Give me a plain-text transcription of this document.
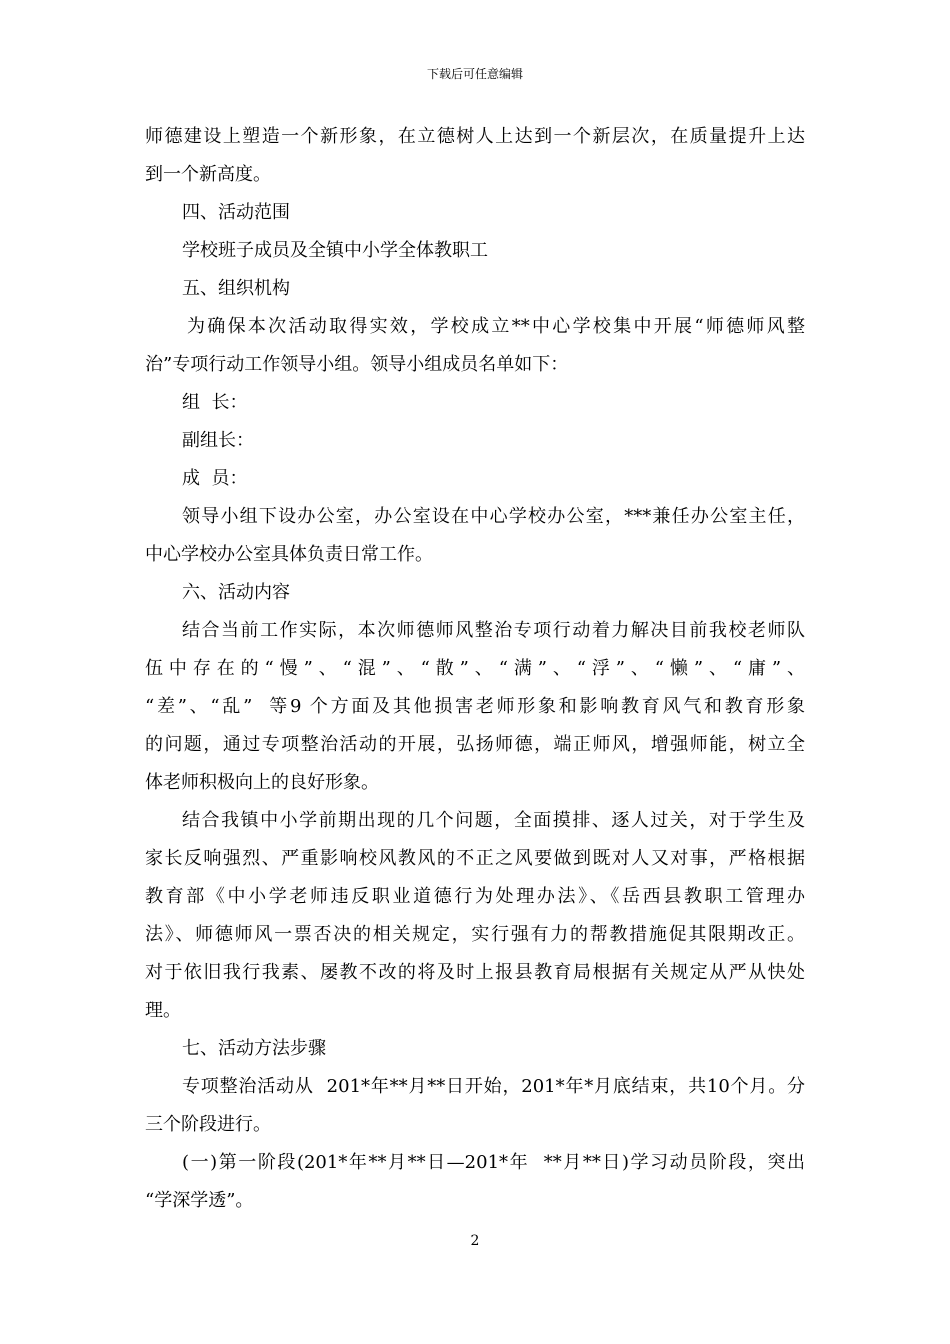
下载后可任意编辑
师德建设上塑造一个新形象，在立德树人上达到一个新层次，在质量提升上达
到一个新高度。
四、活动范围
学校班子成员及全镇中小学全体教职工
五、组织机构
为确保本次活动取得实效，学校成立**中心学校集中开展“师德师风整
治”专项行动工作领导小组。领导小组成员名单如下：
组  长：
副组长：
成  员：
领导小组下设办公室，办公室设在中心学校办公室，***兼任办公室主任，
中心学校办公室具体负责日常工作。
六、活动内容
结合当前工作实际，本次师德师风整治专项行动着力解决目前我校老师队
伍中存在的“慢”、“混”、“散”、“满”、“浮”、“懒”、“庸”、
“差”、“乱”  等9 个方面及其他损害老师形象和影响教育风气和教育形象
的问题，通过专项整治活动的开展，弘扬师德，端正师风，增强师能，树立全
体老师积极向上的良好形象。
结合我镇中小学前期出现的几个问题，全面摸排、逐人过关，对于学生及
家长反响强烈、严重影响校风教风的不正之风要做到既对人又对事，严格根据
教育部《中小学老师违反职业道德行为处理办法》、《岳西县教职工管理办
法》、师德师风一票否决的相关规定，实行强有力的帮教措施促其限期改正。
对于依旧我行我素、屡教不改的将及时上报县教育局根据有关规定从严从快处
理。
七、活动方法步骤
专项整治活动从  201*年**月**日开始，201*年*月底结束，共10个月。分
三个阶段进行。
(一)第一阶段(201*年**月**日—201*年  **月**日)学习动员阶段，突出
“学深学透”。
2
